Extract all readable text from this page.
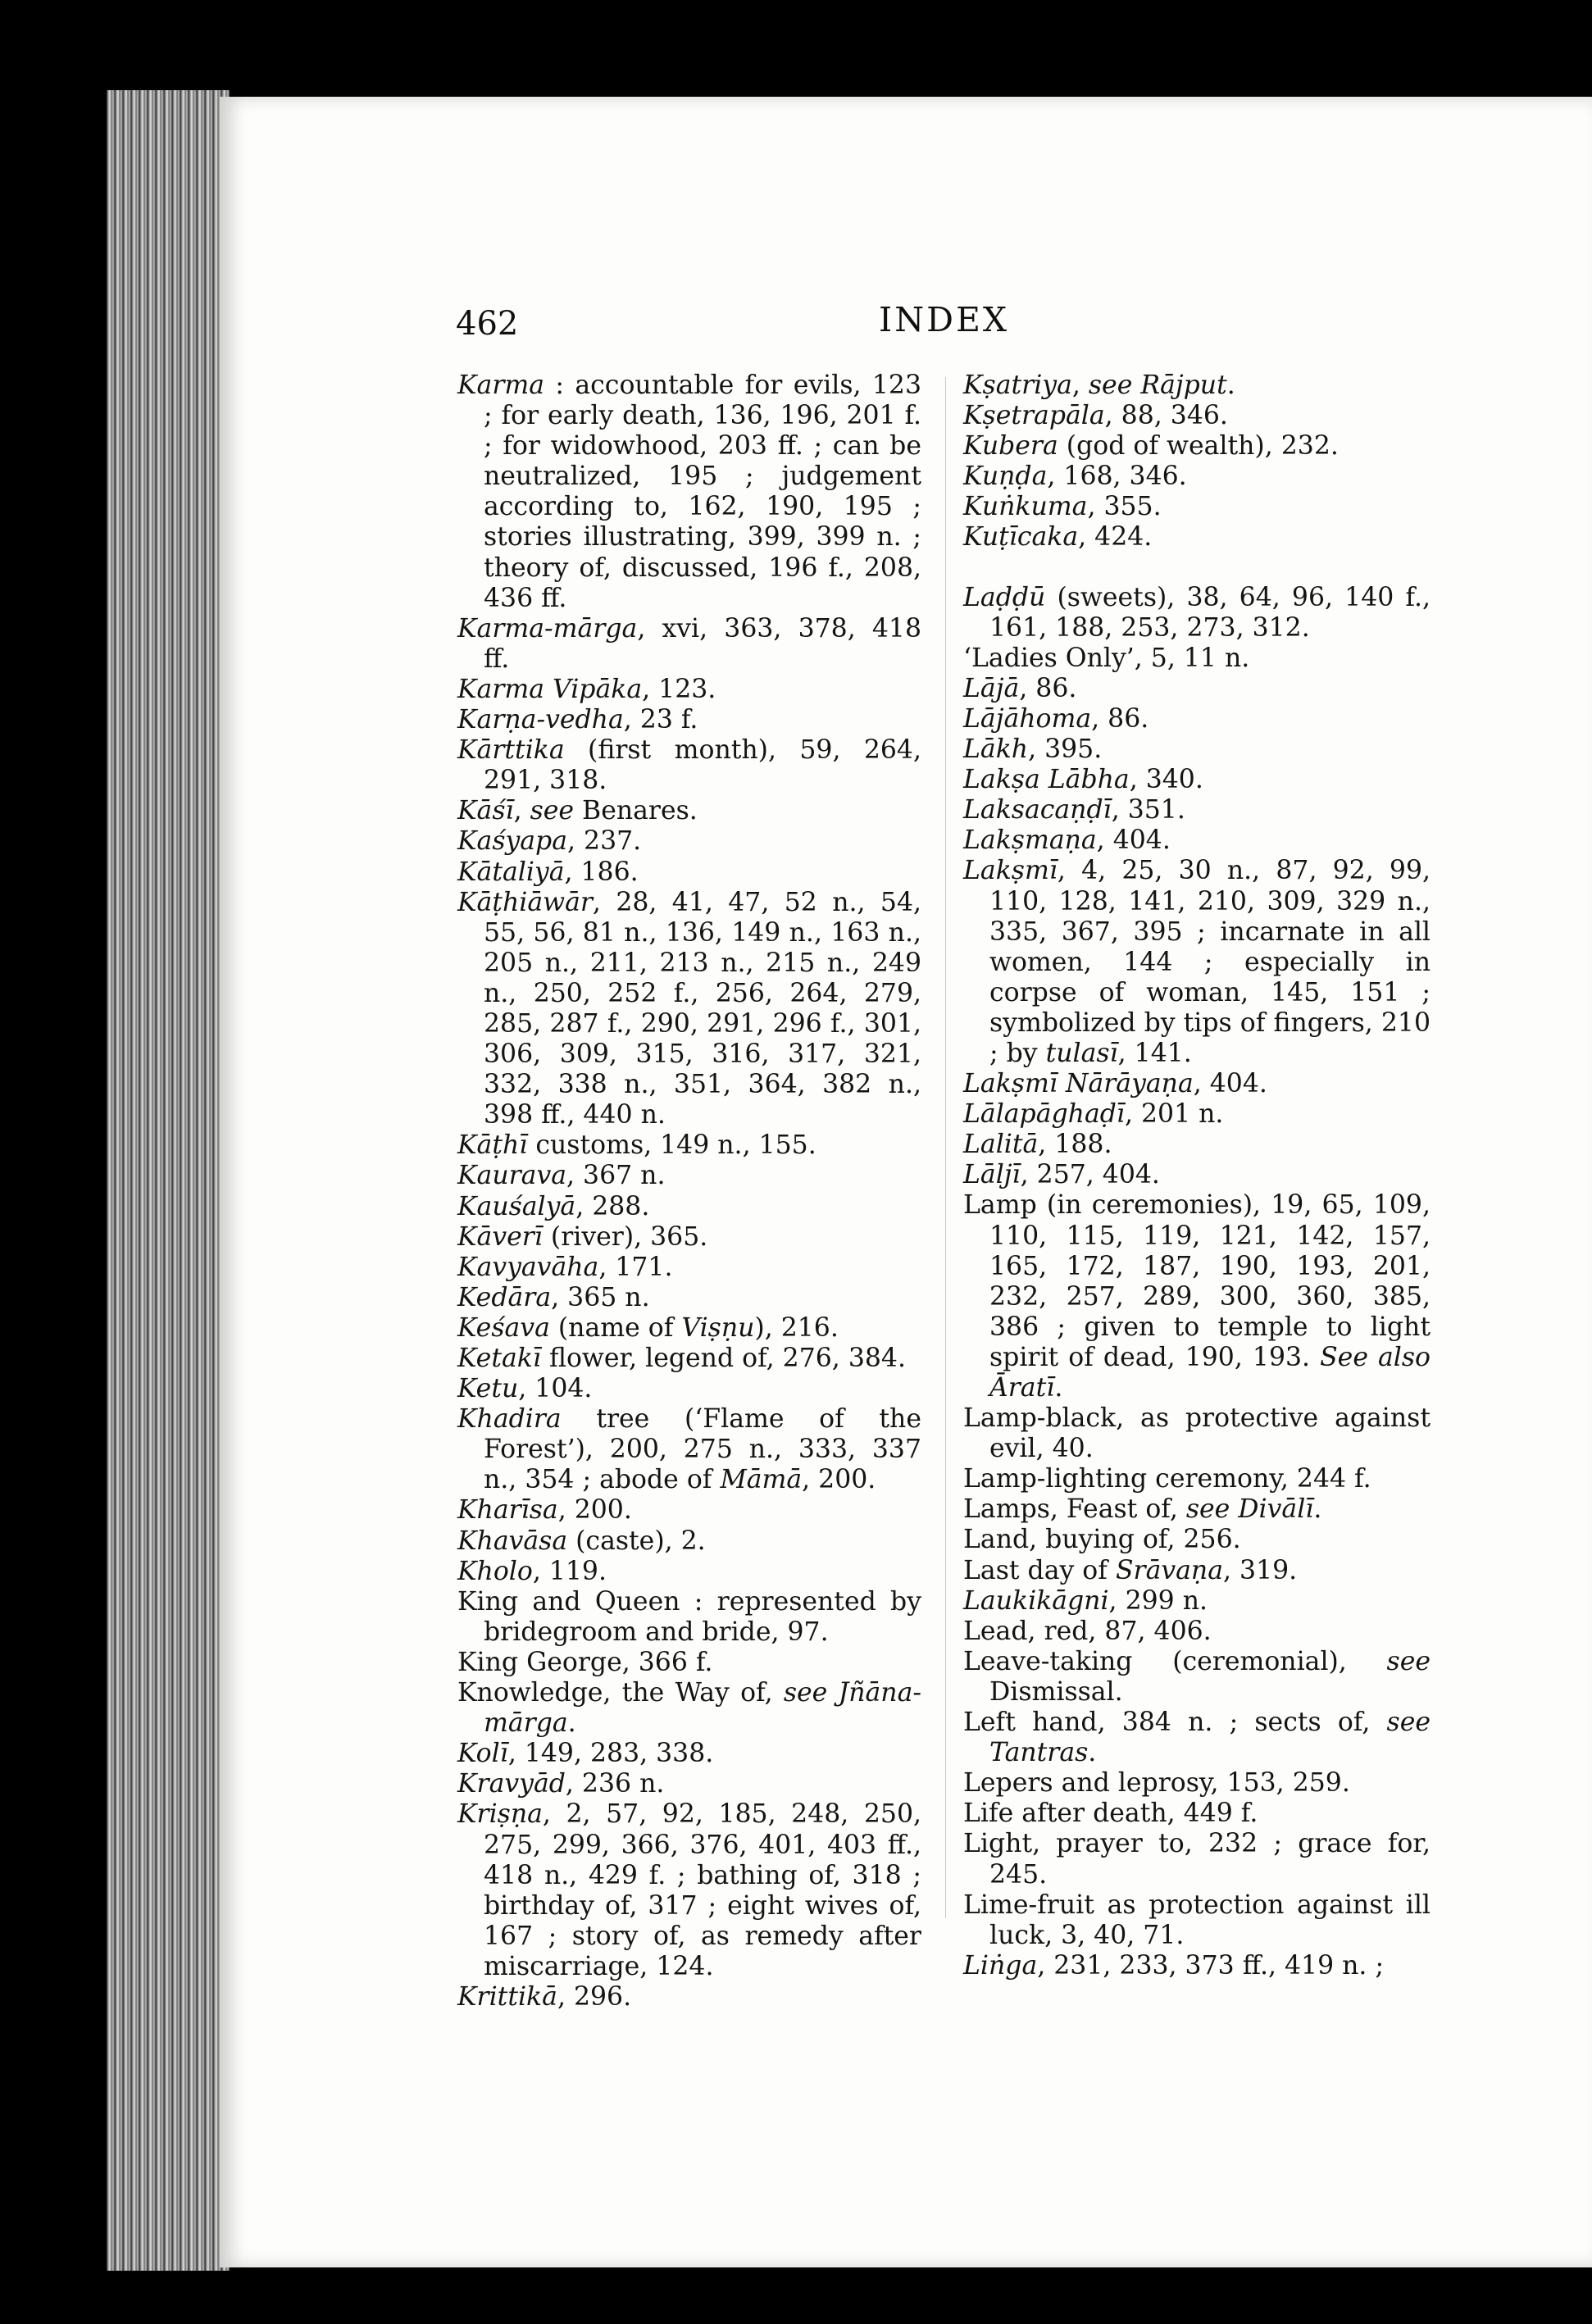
462	INDEX

Karma : accountable for evils, 123 ; for early death, 136, 196, 201 f. ; for widowhood, 203 ff. ; can be neutralized, 195 ; judgement according to, 162, 190, 195 ; stories illustrating, 399, 399 n. ; theory of, discussed, 196 f., 208, 436 ff.

Karma-mārga, xvi, 363, 378, 418 ff.

Karma Vipāka, 123.

Karṇa-vedha, 23 f.

Kārttika (first month), 59, 264, 291, 318.

Kāśī, see Benares.

Kaśyapa, 237.

Kātaliyā, 186.

Kāṭhiāwār, 28, 41, 47, 52 n., 54, 55, 56, 81 n., 136, 149 n., 163 n., 205 n., 211, 213 n., 215 n., 249 n., 250, 252 f., 256, 264, 279, 285, 287 f., 290, 291, 296 f., 301, 306, 309, 315, 316, 317, 321, 332, 338 n., 351, 364, 382 n., 398 ff., 440 n.

Kāṭhī customs, 149 n., 155.

Kaurava, 367 n.

Kauśalyā, 288.

Kāverī (river), 365.

Kavyavāha, 171.

Kedāra, 365 n.

Keśava (name of Viṣṇu), 216.

Ketakī flower, legend of, 276, 384.

Ketu, 104.

Khadira tree (‘Flame of the Forest’), 200, 275 n., 333, 337 n., 354 ; abode of Māmā, 200.

Kharīsa, 200.

Khavāsa (caste), 2.

Kholo, 119.

King and Queen : represented by bridegroom and bride, 97.

King George, 366 f.

Knowledge, the Way of, see Jñāna-mārga.

Kolī, 149, 283, 338.

Kravyād, 236 n.

Kriṣṇa, 2, 57, 92, 185, 248, 250, 275, 299, 366, 376, 401, 403 ff., 418 n., 429 f. ; bathing of, 318 ; birthday of, 317 ; eight wives of, 167 ; story of, as remedy after miscarriage, 124.

Krittikā, 296.

Kṣatriya, see Rājput.

Kṣetrapāla, 88, 346.

Kubera (god of wealth), 232.

Kuṇḍa, 168, 346.

Kuṅkuma, 355.

Kuṭīcaka, 424.

Laḍḍū (sweets), 38, 64, 96, 140 f., 161, 188, 253, 273, 312.

‘Ladies Only’, 5, 11 n.

Lājā, 86.

Lājāhoma, 86.

Lākh, 395.

Lakṣa Lābha, 340.

Laksacaṇḍī, 351.

Lakṣmaṇa, 404.

Lakṣmī, 4, 25, 30 n., 87, 92, 99, 110, 128, 141, 210, 309, 329 n., 335, 367, 395 ; incarnate in all women, 144 ; especially in corpse of woman, 145, 151 ; symbolized by tips of fingers, 210 ; by tulasī, 141.

Lakṣmī Nārāyaṇa, 404.

Lālapāghaḍī, 201 n.

Lalitā, 188.

Lāljī, 257, 404.

Lamp (in ceremonies), 19, 65, 109, 110, 115, 119, 121, 142, 157, 165, 172, 187, 190, 193, 201, 232, 257, 289, 300, 360, 385, 386 ; given to temple to light spirit of dead, 190, 193. See also Āratī.

Lamp-black, as protective against evil, 40.

Lamp-lighting ceremony, 244 f.

Lamps, Feast of, see Divālī.

Land, buying of, 256.

Last day of Srāvaṇa, 319.

Laukikāgni, 299 n.

Lead, red, 87, 406.

Leave-taking (ceremonial), see Dismissal.

Left hand, 384 n. ; sects of, see Tantras.

Lepers and leprosy, 153, 259.

Life after death, 449 f.

Light, prayer to, 232 ; grace for, 245.

Lime-fruit as protection against ill luck, 3, 40, 71.

Liṅga, 231, 233, 373 ff., 419 n. ;
